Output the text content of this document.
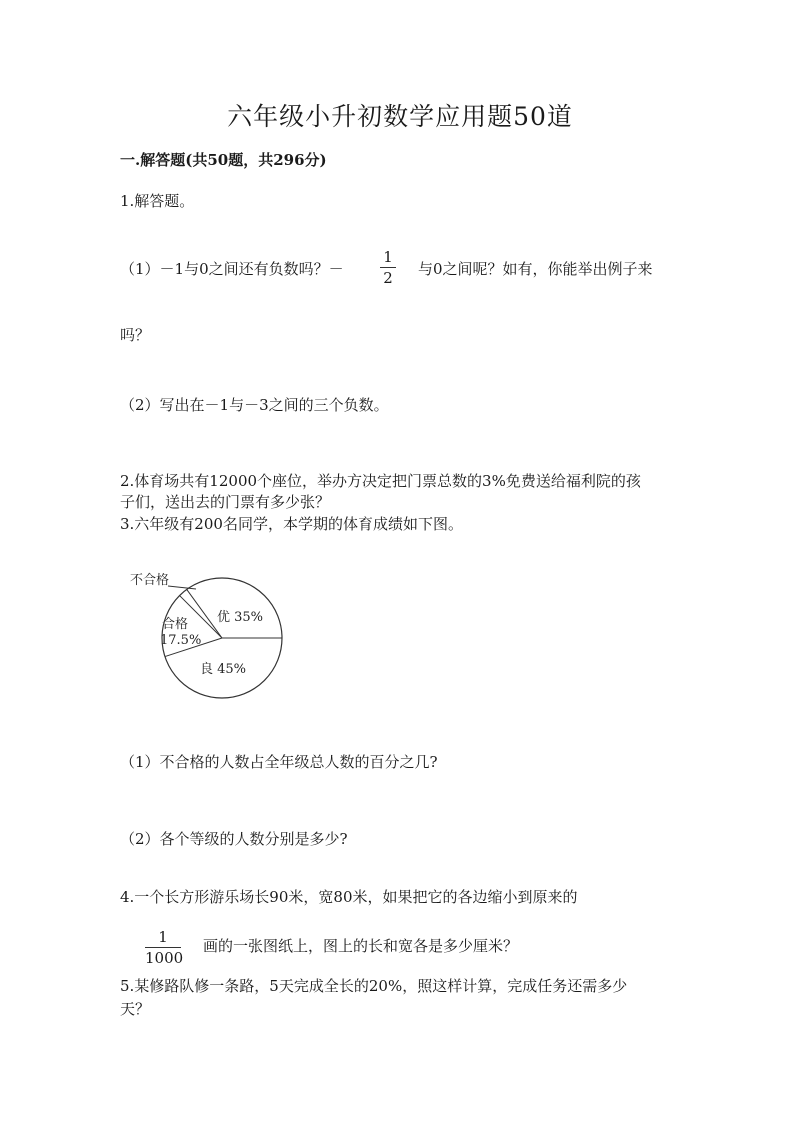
六年级小升初数学应用题50道
一.解答题(共50题，共296分)
1.解答题。
（1）－1与0之间还有负数吗？－
1
2 与0之间呢？如有，你能举出例子来
吗？
（2）写出在－1与－3之间的三个负数。
2.体育场共有12000个座位，举办方决定把门票总数的3%免费送给福利院的孩
子们，送出去的门票有多少张？
3.六年级有200名同学，本学期的体育成绩如下图。
不合格
优 35%
良 45%
合格
17.5%
（1）不合格的人数占全年级总人数的百分之几?
（2）各个等级的人数分别是多少?
4.一个长方形游乐场长90米，宽80米，如果把它的各边缩小到原来的
1
1000
画的一张图纸上，图上的长和宽各是多少厘米？
5.某修路队修一条路，5天完成全长的20%，照这样计算，完成任务还需多少
天？
